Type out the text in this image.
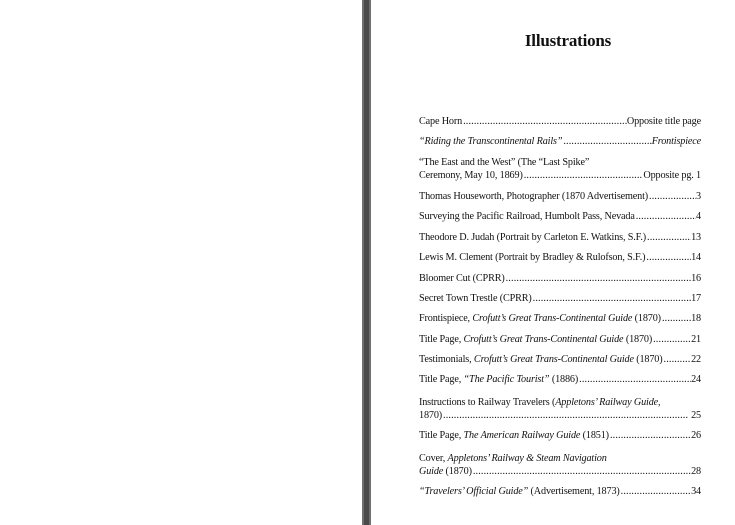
Illustrations
Cape Horn . . .	Opposite title page
“Riding the Transcontinental Rails” . . .	Frontispiece
“The East and the West” (The “Last Spike”
Ceremony, May 10, 1869) . . .	Opposite pg. 1
Thomas Houseworth, Photographer (1870 Advertisement) . . .	3
Surveying the Pacific Railroad, Humbolt Pass, Nevada . . .	4
Theodore D. Judah (Portrait by Carleton E. Watkins, S.F.) . . .	13
Lewis M. Clement (Portrait by Bradley & Rulofson, S.F.) . . .	14
Bloomer Cut (CPRR) . . .	16
Secret Town Trestle (CPRR) . . .	17
Frontispiece, Crofutt’s Great Trans-Continental Guide (1870) . . .	18
Title Page, Crofutt’s Great Trans-Continental Guide (1870) . . .	21
Testimonials, Crofutt’s Great Trans-Continental Guide (1870) . . .	22
Title Page, “The Pacific Tourist” (1886) . . .	24
Instructions to Railway Travelers (Appletons’ Railway Guide,
1870) . . .	25
Title Page, The American Railway Guide (1851) . . .	26
Cover, Appletons’ Railway & Steam Navigation
Guide (1870) . . .	28
“Travelers’ Official Guide” (Advertisement, 1873) . . .	34
